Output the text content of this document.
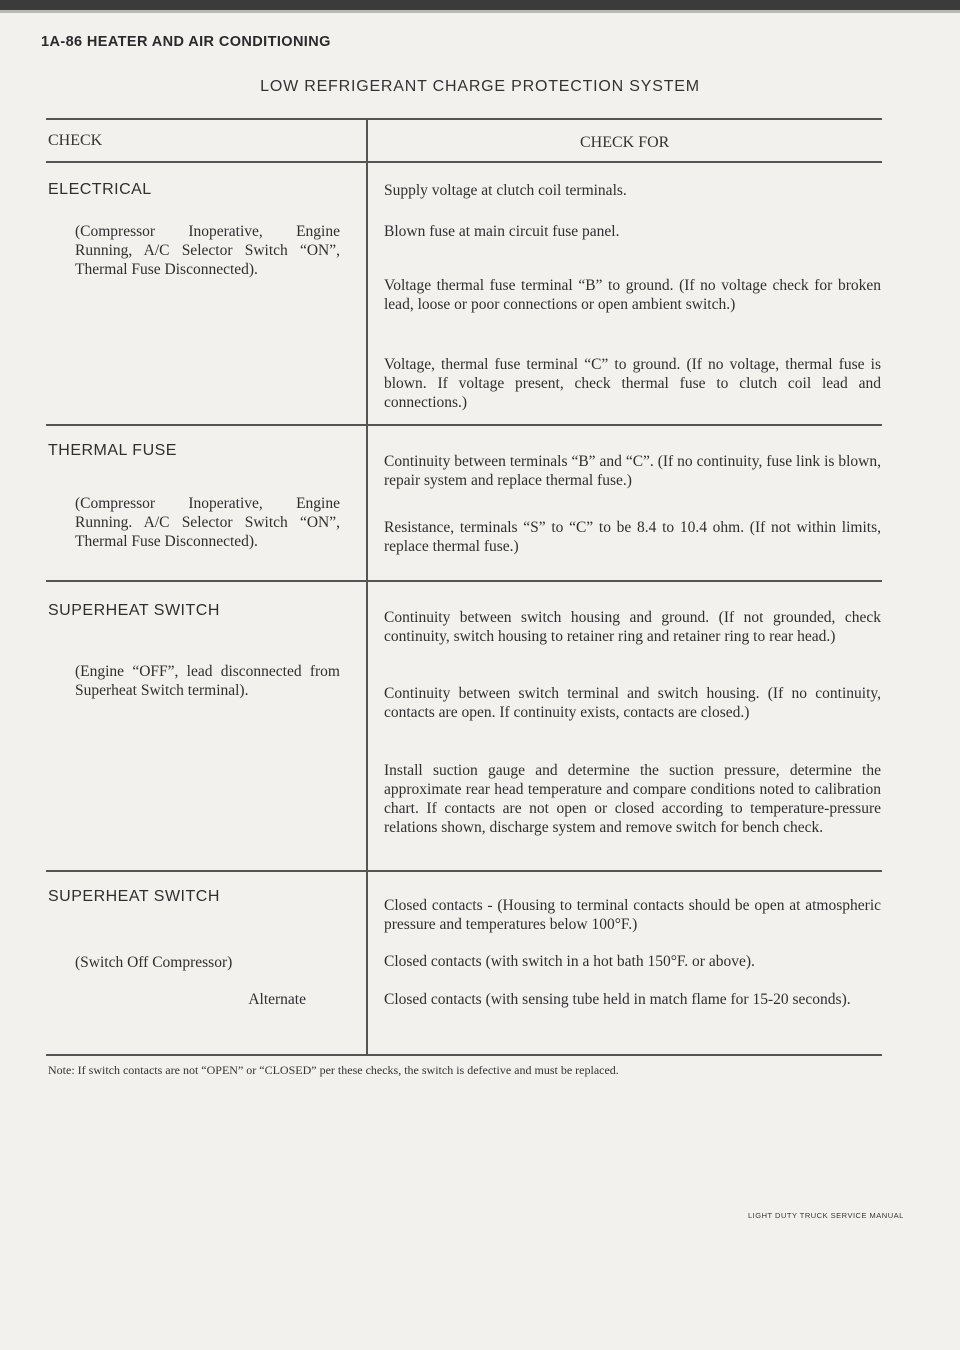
1A-86 HEATER AND AIR CONDITIONING
LOW REFRIGERANT CHARGE PROTECTION SYSTEM
CHECK	CHECK FOR
ELECTRICAL
(Compressor Inoperative, Engine Running, A/C Selector Switch “ON”, Thermal Fuse Disconnected).
Supply voltage at clutch coil terminals.
Blown fuse at main circuit fuse panel.
Voltage thermal fuse terminal “B” to ground. (If no voltage check for broken lead, loose or poor connections or open ambient switch.)
Voltage, thermal fuse terminal “C” to ground. (If no voltage, thermal fuse is blown. If voltage present, check thermal fuse to clutch coil lead and connections.)
THERMAL FUSE
(Compressor Inoperative, Engine Running. A/C Selector Switch “ON”, Thermal Fuse Disconnected).
Continuity between terminals “B” and “C”. (If no continuity, fuse link is blown, repair system and replace thermal fuse.)
Resistance, terminals “S” to “C” to be 8.4 to 10.4 ohm. (If not within limits, replace thermal fuse.)
SUPERHEAT SWITCH
(Engine “OFF”, lead disconnected from Superheat Switch terminal).
Continuity between switch housing and ground. (If not grounded, check continuity, switch housing to retainer ring and retainer ring to rear head.)
Continuity between switch terminal and switch housing. (If no continuity, contacts are open. If continuity exists, contacts are closed.)
Install suction gauge and determine the suction pressure, determine the approximate rear head temperature and compare conditions noted to calibration chart. If contacts are not open or closed according to temperature-pressure relations shown, discharge system and remove switch for bench check.
SUPERHEAT SWITCH
(Switch Off Compressor)
Alternate
Closed contacts - (Housing to terminal contacts should be open at atmospheric pressure and temperatures below 100°F.)
Closed contacts (with switch in a hot bath 150°F. or above).
Closed contacts (with sensing tube held in match flame for 15-20 seconds).
Note: If switch contacts are not “OPEN” or “CLOSED” per these checks, the switch is defective and must be replaced.
LIGHT DUTY TRUCK SERVICE MANUAL
